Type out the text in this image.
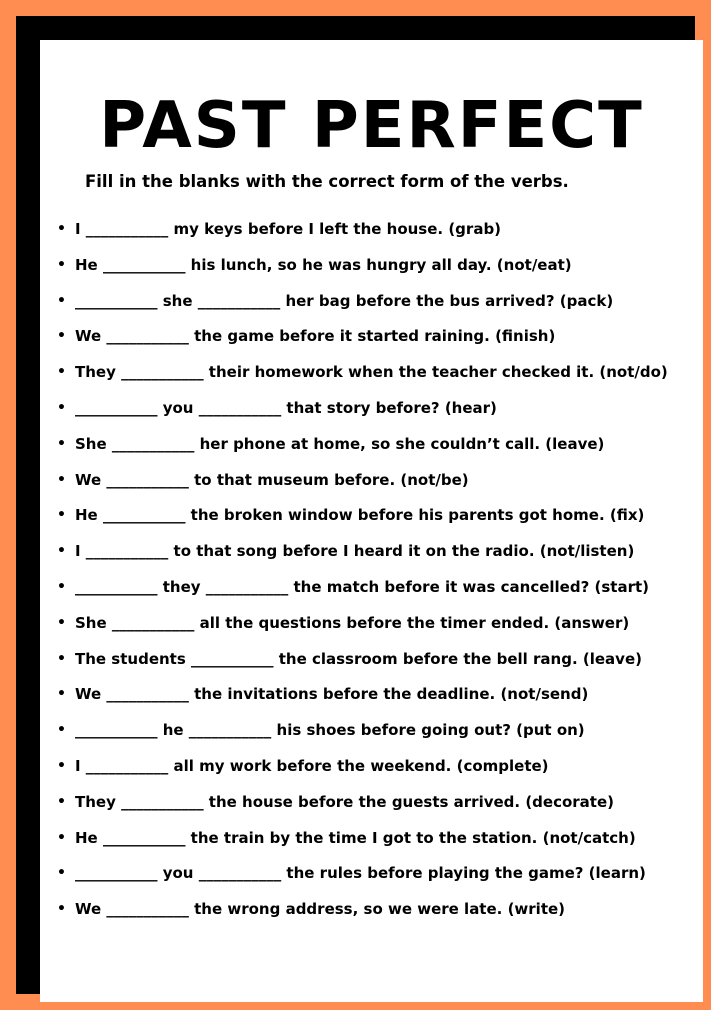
PAST PERFECT

Fill in the blanks with the correct form of the verbs.

• I ___________ my keys before I left the house. (grab)
• He ___________ his lunch, so he was hungry all day. (not/eat)
• ___________ she ___________ her bag before the bus arrived? (pack)
• We ___________ the game before it started raining. (finish)
• They ___________ their homework when the teacher checked it. (not/do)
• ___________ you ___________ that story before? (hear)
• She ___________ her phone at home, so she couldn’t call. (leave)
• We ___________ to that museum before. (not/be)
• He ___________ the broken window before his parents got home. (fix)
• I ___________ to that song before I heard it on the radio. (not/listen)
• ___________ they ___________ the match before it was cancelled? (start)
• She ___________ all the questions before the timer ended. (answer)
• The students ___________ the classroom before the bell rang. (leave)
• We ___________ the invitations before the deadline. (not/send)
• ___________ he ___________ his shoes before going out? (put on)
• I ___________ all my work before the weekend. (complete)
• They ___________ the house before the guests arrived. (decorate)
• He ___________ the train by the time I got to the station. (not/catch)
• ___________ you ___________ the rules before playing the game? (learn)
• We ___________ the wrong address, so we were late. (write)
